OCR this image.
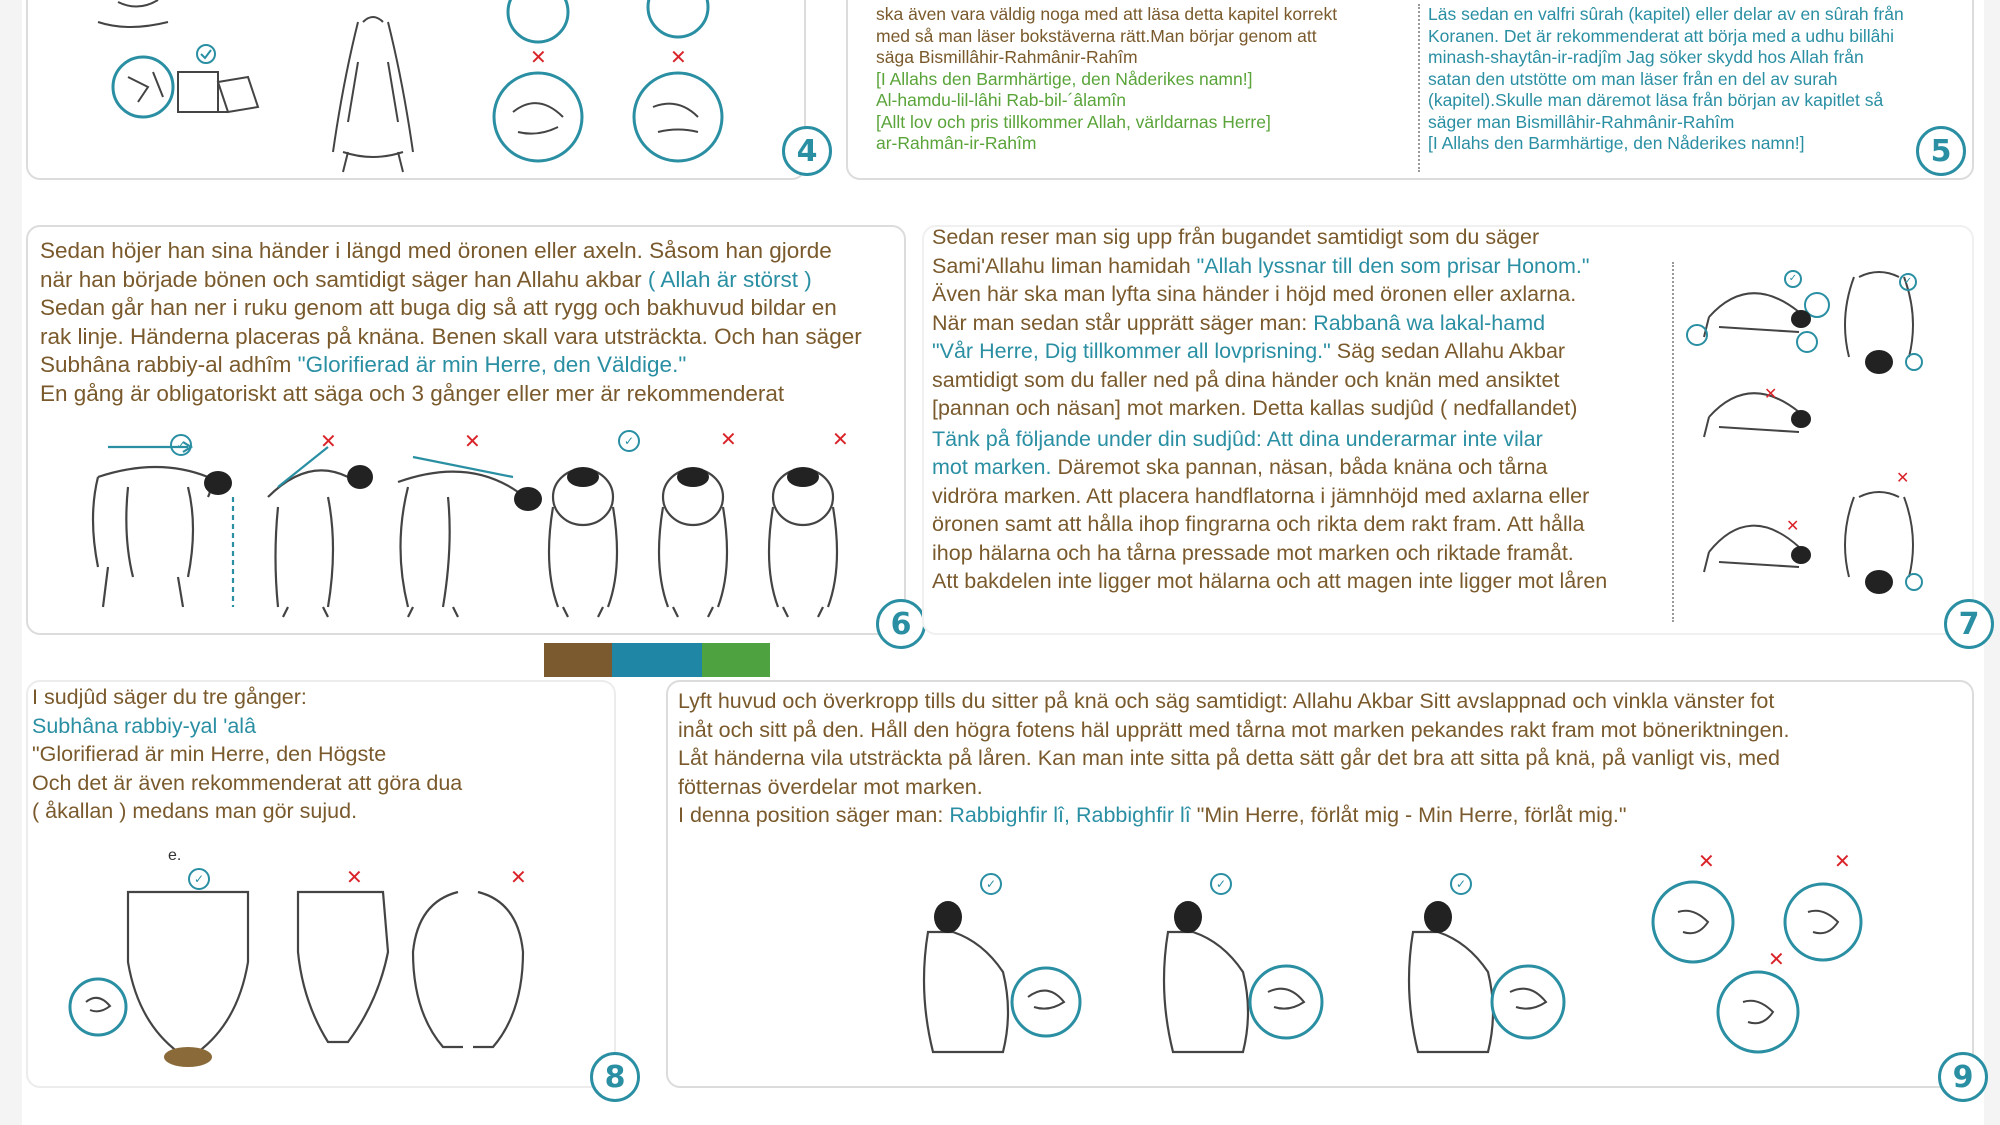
✕	✕
4
ska även vara väldig noga med att läsa detta kapitel korrekt
med så man läser bokstäverna rätt.Man börjar genom att
säga Bismillâhir-Rahmânir-Rahîm
[I Allahs den Barmhärtige, den Nåderikes namn!]
Al-hamdu-lil-lâhi Rab-bil-´âlamîn
[Allt lov och pris tillkommer Allah, världarnas Herre]
ar-Rahmân-ir-Rahîm
Läs sedan en valfri sûrah (kapitel) eller delar av en sûrah från
Koranen. Det är rekommenderat att börja med a udhu billâhi
minash-shaytân-ir-radjîm Jag söker skydd hos Allah från
satan den utstötte om man läser från en del av surah
(kapitel).Skulle man däremot läsa från början av kapitlet så
säger man Bismillâhir-Rahmânir-Rahîm
[I Allahs den Barmhärtige, den Nåderikes namn!]	5
Sedan höjer han sina händer i längd med öronen eller axeln. Såsom han gjorde
när han började bönen och samtidigt säger han Allahu akbar ( Allah är störst )
Sedan går han ner i ruku genom att buga dig så att rygg och bakhuvud bildar en
rak linje. Händerna placeras på knäna. Benen skall vara utsträckta. Och han säger
Subhâna rabbiy-al adhîm "Glorifierad är min Herre, den Väldige."
En gång är obligatoriskt att säga och 3 gånger eller mer är rekommenderat
✓	✕	✕	✓	✕	✕
6
Sedan reser man sig upp från bugandet samtidigt som du säger
Sami'Allahu liman hamidah "Allah lyssnar till den som prisar Honom."
Även här ska man lyfta sina händer i höjd med öronen eller axlarna.
När man sedan står upprätt säger man: Rabbanâ wa lakal-hamd
"Vår Herre, Dig tillkommer all lovprisning." Säg sedan Allahu Akbar
samtidigt som du faller ned på dina händer och knän med ansiktet
[pannan och näsan] mot marken. Detta kallas sudjûd ( nedfallandet)
Tänk på följande under din sudjûd: Att dina underarmar inte vilar
mot marken. Däremot ska pannan, näsan, båda knäna och tårna
vidröra marken. Att placera handflatorna i jämnhöjd med axlarna eller
öronen samt att hålla ihop fingrarna och rikta dem rakt fram. Att hålla
ihop hälarna och ha tårna pressade mot marken och riktade framåt.
Att bakdelen inte ligger mot hälarna och att magen inte ligger mot låren
✓	✓
✕
✕
✕
7
I sudjûd säger du tre gånger:
Subhâna rabbiy-yal 'alâ
"Glorifierad är min Herre, den Högste
Och det är även rekommenderat att göra dua
( åkallan ) medans man gör sujud.
e.
✓	✕	✕
8
Lyft huvud och överkropp tills du sitter på knä och säg samtidigt: Allahu Akbar Sitt avslappnad och vinkla vänster fot
inåt och sitt på den. Håll den högra fotens häl upprätt med tårna mot marken pekandes rakt fram mot böneriktningen.
Låt händerna vila utsträckta på låren. Kan man inte sitta på detta sätt går det bra att sitta på knä, på vanligt vis, med
fötternas överdelar mot marken.
I denna position säger man: Rabbighfir lî, Rabbighfir lî "Min Herre, förlåt mig - Min Herre, förlåt mig."
✓	✓	✓
✕	✕
✕
9
